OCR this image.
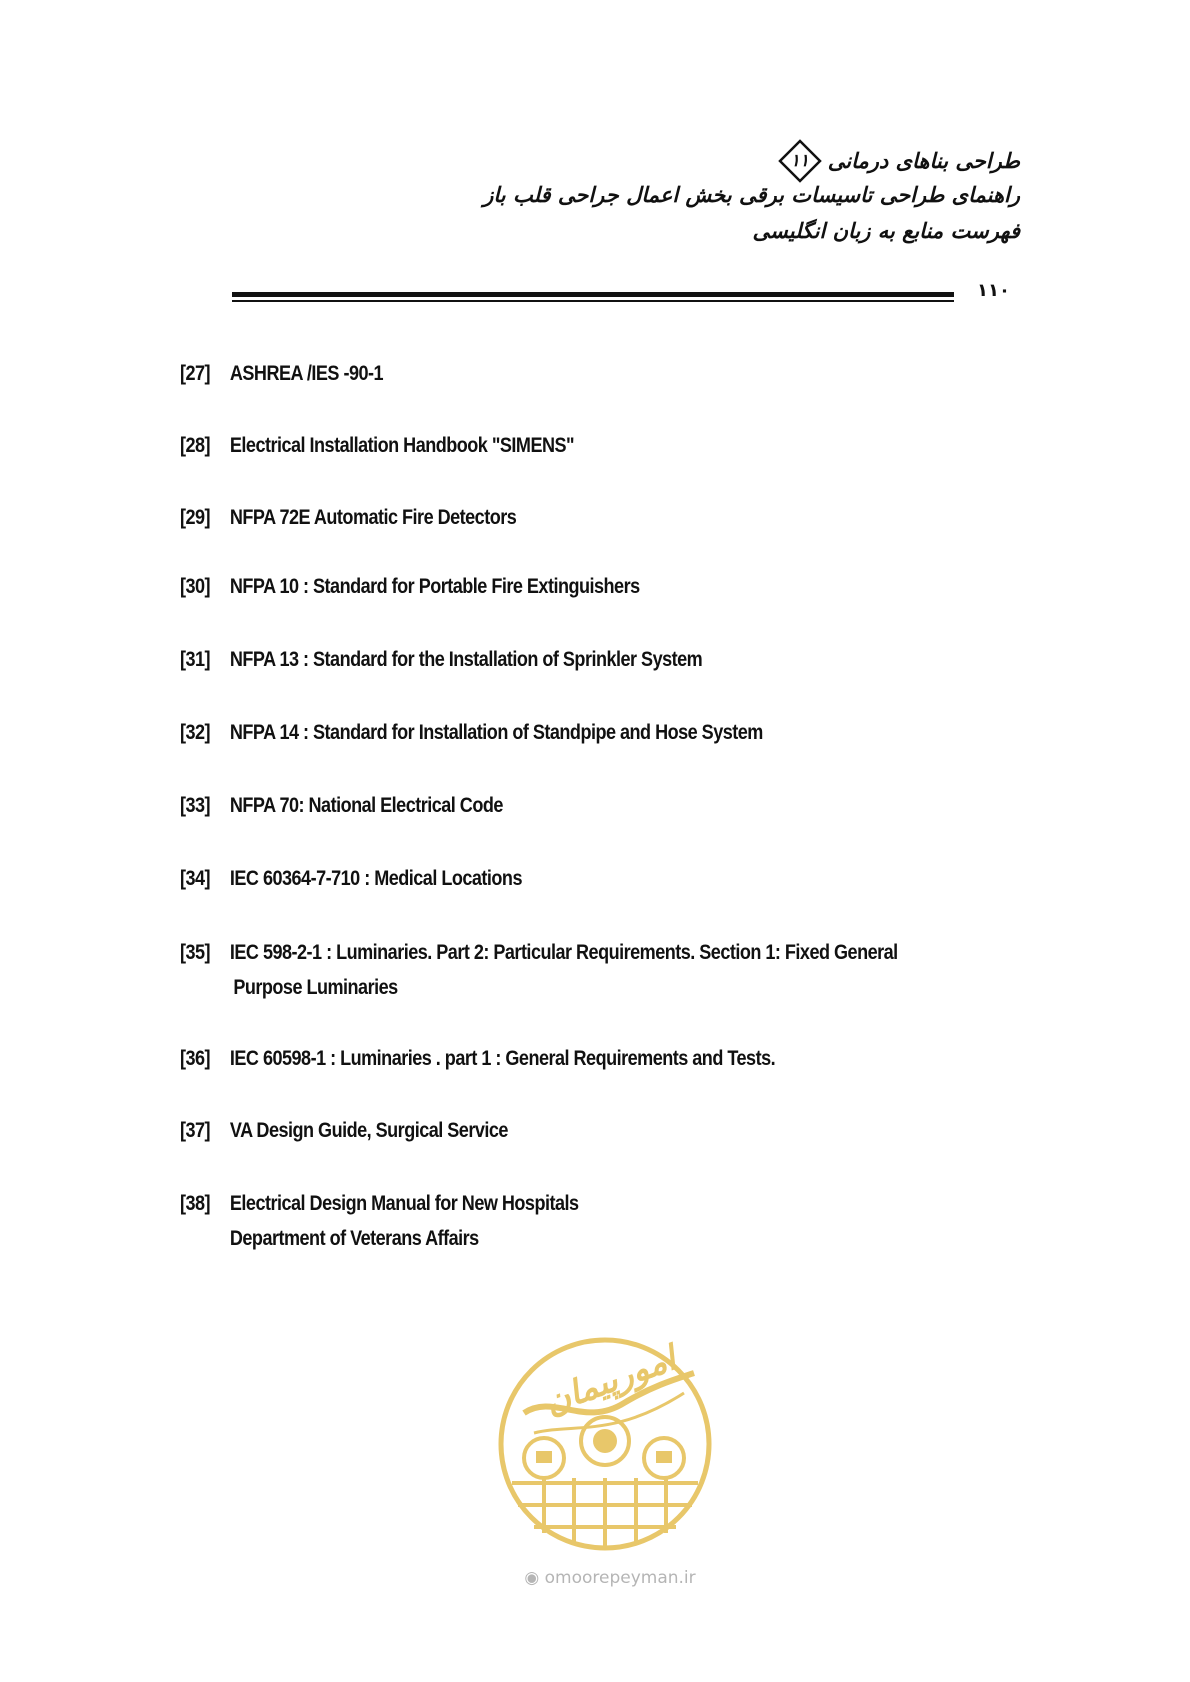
طراحی بناهای درمانی
۱۱
راهنمای طراحی تاسیسات برقی بخش اعمال جراحی قلب باز
فهرست منابع به زبان انگلیسی
۱۱۰
[27] ASHREA /IES -90-1
[28] Electrical Installation Handbook "SIMENS"
[29] NFPA 72E Automatic Fire Detectors
[30] NFPA 10 : Standard for Portable Fire Extinguishers
[31] NFPA 13 : Standard for the Installation of Sprinkler System
[32] NFPA 14 : Standard for Installation of Standpipe and Hose System
[33] NFPA 70: National Electrical Code
[34] IEC 60364-7-710 : Medical Locations
[35] IEC 598-2-1 : Luminaries. Part 2: Particular Requirements. Section 1: Fixed General
Purpose Luminaries
[36] IEC 60598-1 : Luminaries . part 1 : General Requirements and Tests.
[37] VA Design Guide, Surgical Service
[38] Electrical Design Manual for New Hospitals
Department of Veterans Affairs
امورپیمان
◉ omoorepeyman.ir
